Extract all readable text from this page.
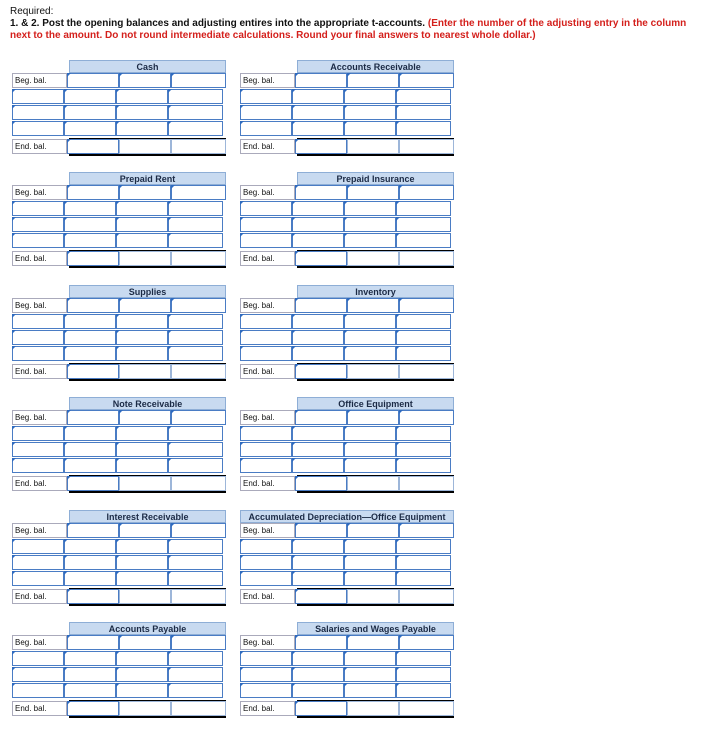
Required:
1. & 2. Post the opening balances and adjusting entires into the appropriate t-accounts. (Enter the number of the adjusting entry in the column next to the amount. Do not round intermediate calculations. Round your final answers to nearest whole dollar.)
Cash
Beg. bal.
End. bal.
Accounts Receivable
Beg. bal.
End. bal.
Prepaid Rent
Beg. bal.
End. bal.
Prepaid Insurance
Beg. bal.
End. bal.
Supplies
Beg. bal.
End. bal.
Inventory
Beg. bal.
End. bal.
Note Receivable
Beg. bal.
End. bal.
Office Equipment
Beg. bal.
End. bal.
Interest Receivable
Beg. bal.
End. bal.
Accumulated Depreciation—Office Equipment
Beg. bal.
End. bal.
Accounts Payable
Beg. bal.
End. bal.
Salaries and Wages Payable
Beg. bal.
End. bal.
